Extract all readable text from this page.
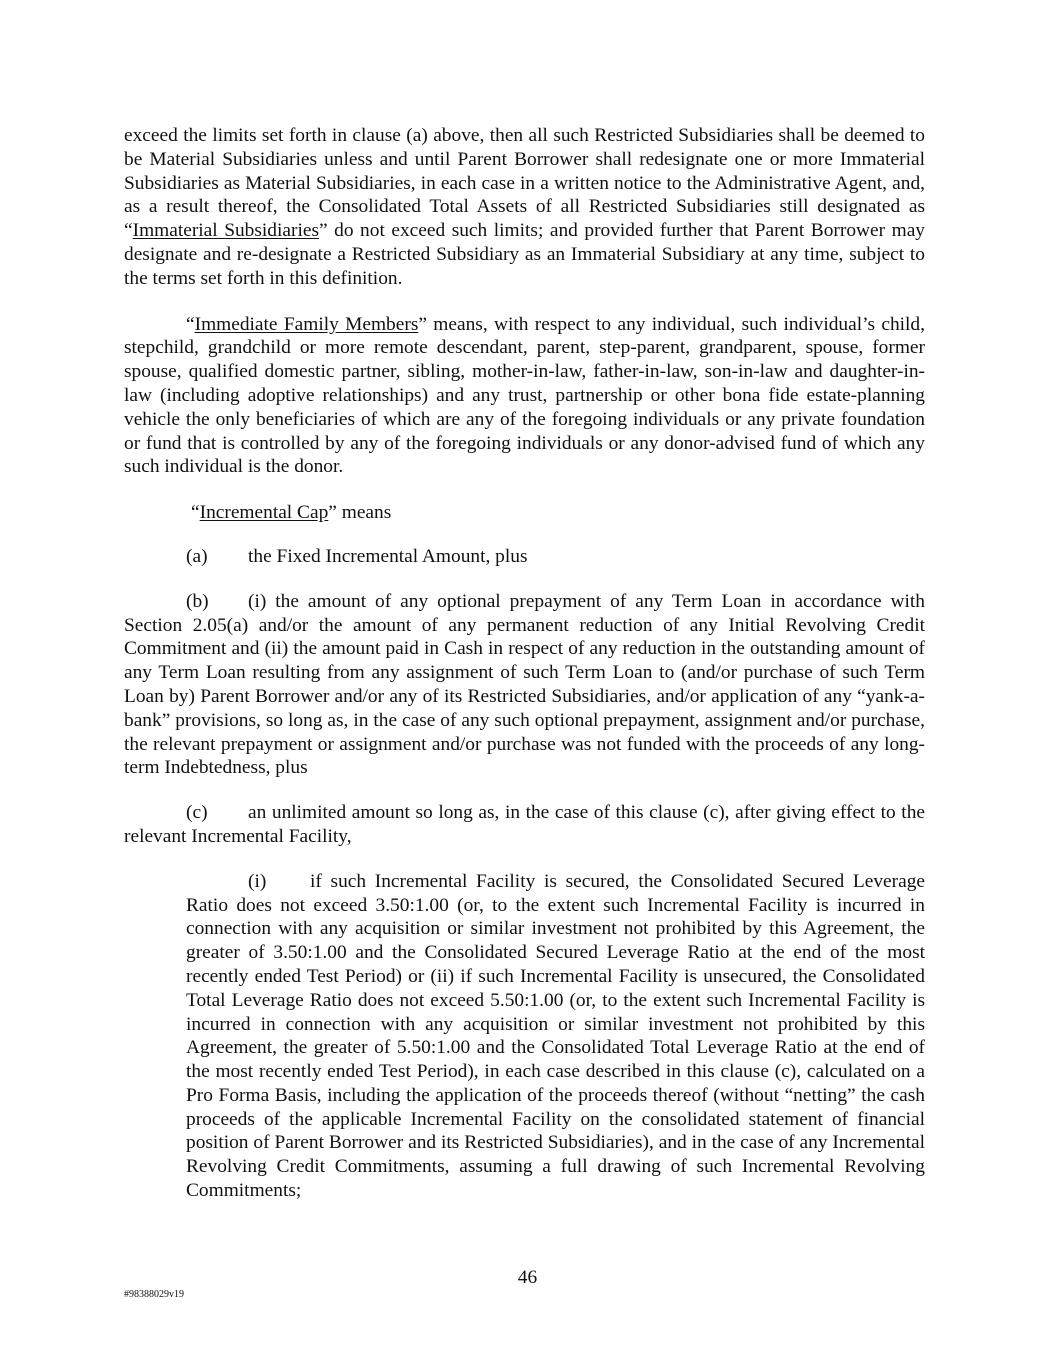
exceed the limits set forth in clause (a) above, then all such Restricted Subsidiaries shall be deemed to be Material Subsidiaries unless and until Parent Borrower shall redesignate one or more Immaterial Subsidiaries as Material Subsidiaries, in each case in a written notice to the Administrative Agent, and, as a result thereof, the Consolidated Total Assets of all Restricted Subsidiaries still designated as “Immaterial Subsidiaries” do not exceed such limits; and provided further that Parent Borrower may designate and re-designate a Restricted Subsidiary as an Immaterial Subsidiary at any time, subject to the terms set forth in this definition.

“Immediate Family Members” means, with respect to any individual, such individual’s child, stepchild, grandchild or more remote descendant, parent, step-parent, grandparent, spouse, former spouse, qualified domestic partner, sibling, mother-in-law, father-in-law, son-in-law and daughter-in-law (including adoptive relationships) and any trust, partnership or other bona fide estate-planning vehicle the only beneficiaries of which are any of the foregoing individuals or any private foundation or fund that is controlled by any of the foregoing individuals or any donor-advised fund of which any such individual is the donor.

“Incremental Cap” means

(a) the Fixed Incremental Amount, plus

(b) (i) the amount of any optional prepayment of any Term Loan in accordance with Section 2.05(a) and/or the amount of any permanent reduction of any Initial Revolving Credit Commitment and (ii) the amount paid in Cash in respect of any reduction in the outstanding amount of any Term Loan resulting from any assignment of such Term Loan to (and/or purchase of such Term Loan by) Parent Borrower and/or any of its Restricted Subsidiaries, and/or application of any “yank-a-bank” provisions, so long as, in the case of any such optional prepayment, assignment and/or purchase, the relevant prepayment or assignment and/or purchase was not funded with the proceeds of any long-term Indebtedness, plus

(c) an unlimited amount so long as, in the case of this clause (c), after giving effect to the relevant Incremental Facility,

(i) if such Incremental Facility is secured, the Consolidated Secured Leverage Ratio does not exceed 3.50:1.00 (or, to the extent such Incremental Facility is incurred in connection with any acquisition or similar investment not prohibited by this Agreement, the greater of 3.50:1.00 and the Consolidated Secured Leverage Ratio at the end of the most recently ended Test Period) or (ii) if such Incremental Facility is unsecured, the Consolidated Total Leverage Ratio does not exceed 5.50:1.00 (or, to the extent such Incremental Facility is incurred in connection with any acquisition or similar investment not prohibited by this Agreement, the greater of 5.50:1.00 and the Consolidated Total Leverage Ratio at the end of the most recently ended Test Period), in each case described in this clause (c), calculated on a Pro Forma Basis, including the application of the proceeds thereof (without “netting” the cash proceeds of the applicable Incremental Facility on the consolidated statement of financial position of Parent Borrower and its Restricted Subsidiaries), and in the case of any Incremental Revolving Credit Commitments, assuming a full drawing of such Incremental Revolving Commitments;

46
#98388029v19
